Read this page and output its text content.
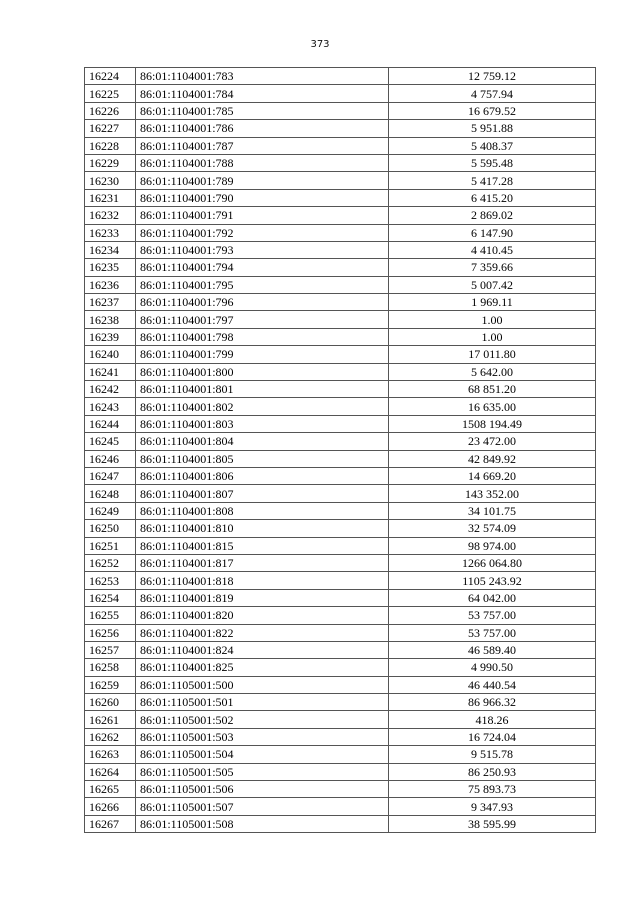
373
16224	86:01:1104001:783	12 759.12
16225	86:01:1104001:784	4 757.94
16226	86:01:1104001:785	16 679.52
16227	86:01:1104001:786	5 951.88
16228	86:01:1104001:787	5 408.37
16229	86:01:1104001:788	5 595.48
16230	86:01:1104001:789	5 417.28
16231	86:01:1104001:790	6 415.20
16232	86:01:1104001:791	2 869.02
16233	86:01:1104001:792	6 147.90
16234	86:01:1104001:793	4 410.45
16235	86:01:1104001:794	7 359.66
16236	86:01:1104001:795	5 007.42
16237	86:01:1104001:796	1 969.11
16238	86:01:1104001:797	1.00
16239	86:01:1104001:798	1.00
16240	86:01:1104001:799	17 011.80
16241	86:01:1104001:800	5 642.00
16242	86:01:1104001:801	68 851.20
16243	86:01:1104001:802	16 635.00
16244	86:01:1104001:803	1508 194.49
16245	86:01:1104001:804	23 472.00
16246	86:01:1104001:805	42 849.92
16247	86:01:1104001:806	14 669.20
16248	86:01:1104001:807	143 352.00
16249	86:01:1104001:808	34 101.75
16250	86:01:1104001:810	32 574.09
16251	86:01:1104001:815	98 974.00
16252	86:01:1104001:817	1266 064.80
16253	86:01:1104001:818	1105 243.92
16254	86:01:1104001:819	64 042.00
16255	86:01:1104001:820	53 757.00
16256	86:01:1104001:822	53 757.00
16257	86:01:1104001:824	46 589.40
16258	86:01:1104001:825	4 990.50
16259	86:01:1105001:500	46 440.54
16260	86:01:1105001:501	86 966.32
16261	86:01:1105001:502	418.26
16262	86:01:1105001:503	16 724.04
16263	86:01:1105001:504	9 515.78
16264	86:01:1105001:505	86 250.93
16265	86:01:1105001:506	75 893.73
16266	86:01:1105001:507	9 347.93
16267	86:01:1105001:508	38 595.99
